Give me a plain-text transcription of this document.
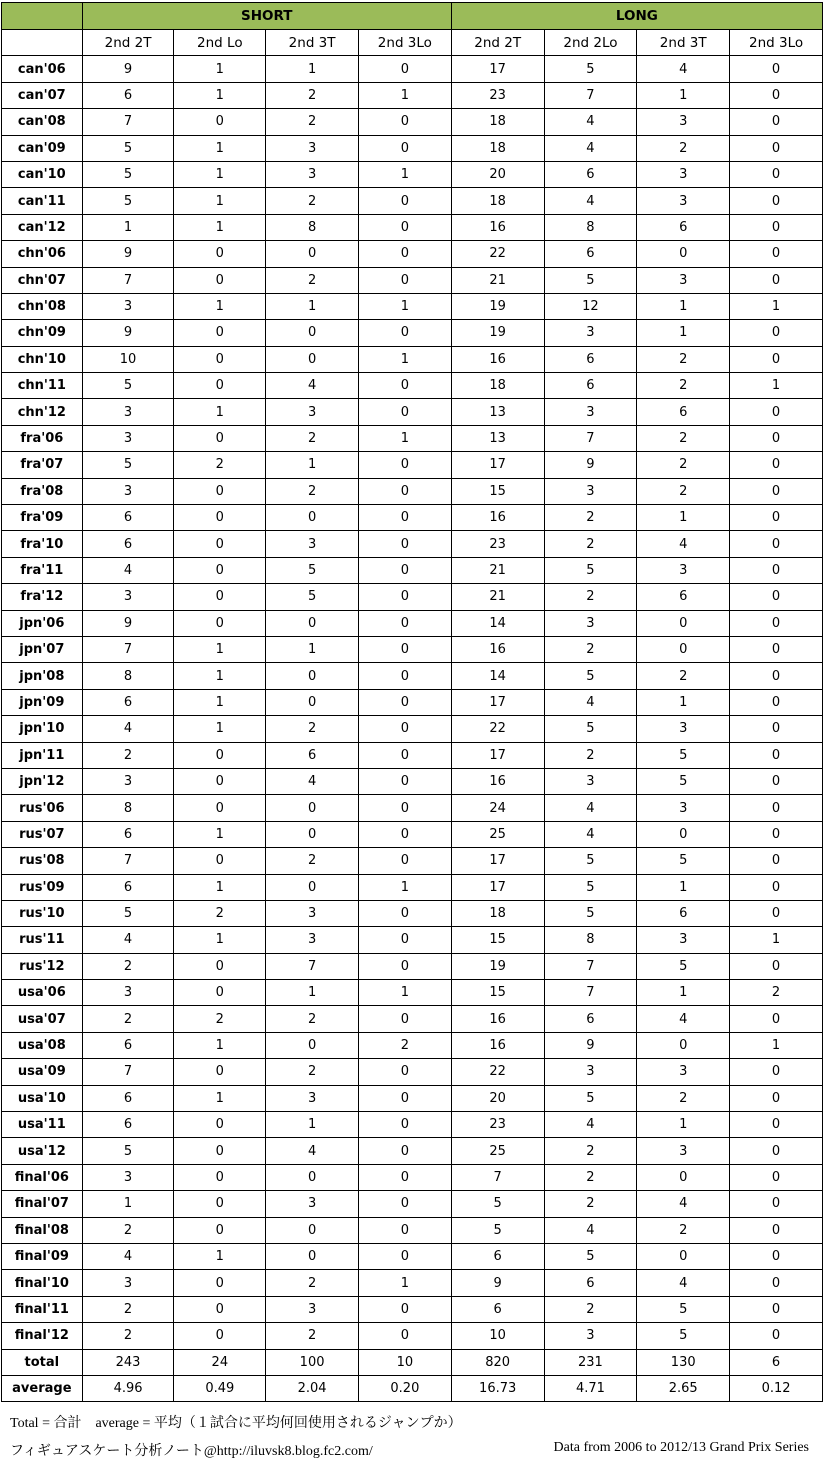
	SHORT				LONG			
	2nd 2T	2nd Lo	2nd 3T	2nd 3Lo	2nd 2T	2nd 2Lo	2nd 3T	2nd 3Lo
can'06	9	1	1	0	17	5	4	0
can'07	6	1	2	1	23	7	1	0
can'08	7	0	2	0	18	4	3	0
can'09	5	1	3	0	18	4	2	0
can'10	5	1	3	1	20	6	3	0
can'11	5	1	2	0	18	4	3	0
can'12	1	1	8	0	16	8	6	0
chn'06	9	0	0	0	22	6	0	0
chn'07	7	0	2	0	21	5	3	0
chn'08	3	1	1	1	19	12	1	1
chn'09	9	0	0	0	19	3	1	0
chn'10	10	0	0	1	16	6	2	0
chn'11	5	0	4	0	18	6	2	1
chn'12	3	1	3	0	13	3	6	0
fra'06	3	0	2	1	13	7	2	0
fra'07	5	2	1	0	17	9	2	0
fra'08	3	0	2	0	15	3	2	0
fra'09	6	0	0	0	16	2	1	0
fra'10	6	0	3	0	23	2	4	0
fra'11	4	0	5	0	21	5	3	0
fra'12	3	0	5	0	21	2	6	0
jpn'06	9	0	0	0	14	3	0	0
jpn'07	7	1	1	0	16	2	0	0
jpn'08	8	1	0	0	14	5	2	0
jpn'09	6	1	0	0	17	4	1	0
jpn'10	4	1	2	0	22	5	3	0
jpn'11	2	0	6	0	17	2	5	0
jpn'12	3	0	4	0	16	3	5	0
rus'06	8	0	0	0	24	4	3	0
rus'07	6	1	0	0	25	4	0	0
rus'08	7	0	2	0	17	5	5	0
rus'09	6	1	0	1	17	5	1	0
rus'10	5	2	3	0	18	5	6	0
rus'11	4	1	3	0	15	8	3	1
rus'12	2	0	7	0	19	7	5	0
usa'06	3	0	1	1	15	7	1	2
usa'07	2	2	2	0	16	6	4	0
usa'08	6	1	0	2	16	9	0	1
usa'09	7	0	2	0	22	3	3	0
usa'10	6	1	3	0	20	5	2	0
usa'11	6	0	1	0	23	4	1	0
usa'12	5	0	4	0	25	2	3	0
final'06	3	0	0	0	7	2	0	0
final'07	1	0	3	0	5	2	4	0
final'08	2	0	0	0	5	4	2	0
final'09	4	1	0	0	6	5	0	0
final'10	3	0	2	1	9	6	4	0
final'11	2	0	3	0	6	2	5	0
final'12	2	0	2	0	10	3	5	0
total	243	24	100	10	820	231	130	6
average	4.96	0.49	2.04	0.20	16.73	4.71	2.65	0.12
Total = 合計　average = 平均（１試合に平均何回使用されるジャンプか）
フィギュアスケート分析ノート@http://iluvsk8.blog.fc2.com/	Data from 2006 to 2012/13 Grand Prix Series
